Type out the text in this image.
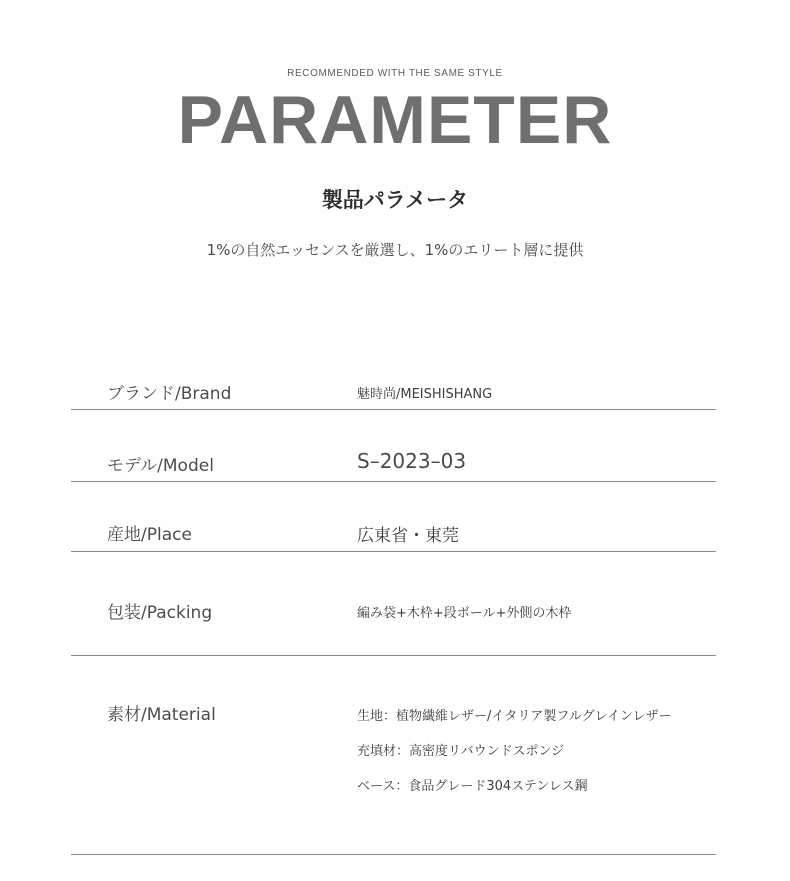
RECOMMENDED WITH THE SAME STYLE
PARAMETER
製品パラメータ
1%の自然エッセンスを厳選し、1%のエリート層に提供
ブランド/Brand	魅時尚/MEISHISHANG
モデル/Model	S–2023–03
産地/Place	広東省・東莞
包装/Packing	編み袋+木枠+段ボール+外側の木枠
素材/Material	生地：植物繊維レザー/イタリア製フルグレインレザー
充填材：高密度リバウンドスポンジ
ベース：食品グレード304ステンレス鋼
